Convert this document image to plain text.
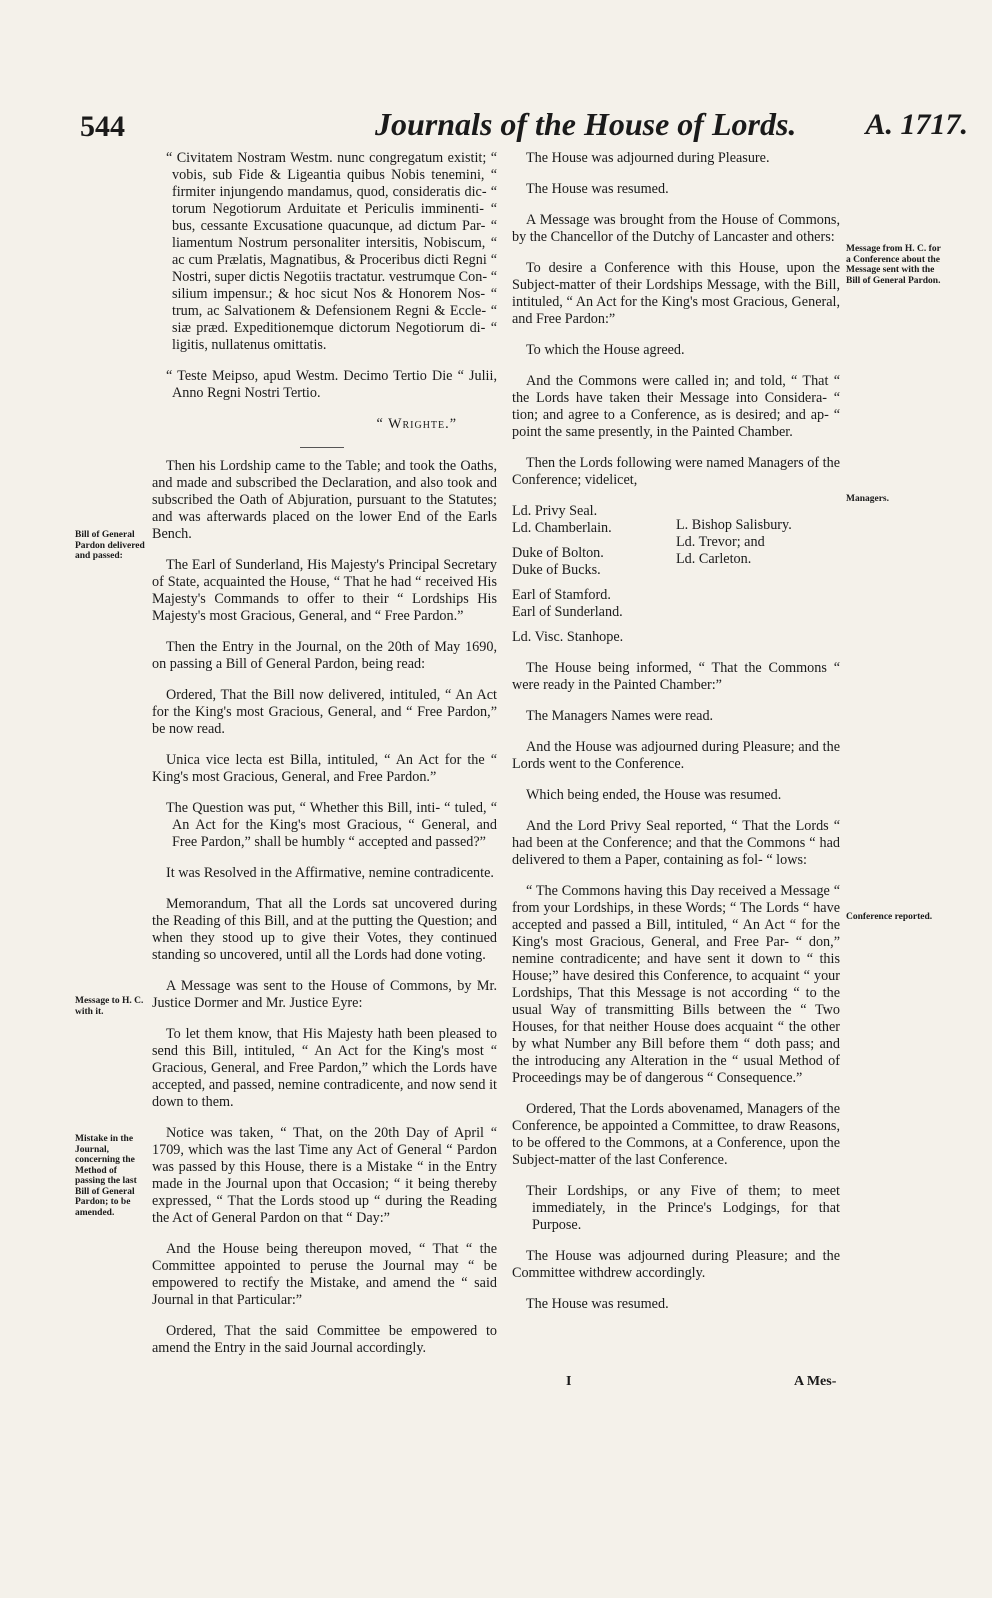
544	Journals of the House of Lords. A. 1717.
Bill of General Pardon delivered and passed:
Message to H. C. with it.
Mistake in the Journal, concerning the Method of passing the last Bill of General Pardon; to be amended.
Message from H. C. for a Conference about the Message sent with the Bill of General Pardon.
Managers.
Conference reported.

“ Civitatem Nostram Westm. nunc congregatum existit; “ vobis, sub Fide & Ligeantia quibus Nobis tenemini, “ firmiter injungendo mandamus, quod, consideratis dic- “ torum Negotiorum Arduitate et Periculis imminenti- “ bus, cessante Excusatione quacunque, ad dictum Par- “ liamentum Nostrum personaliter intersitis, Nobiscum, “ ac cum Prælatis, Magnatibus, & Proceribus dicti Regni “ Nostri, super dictis Negotiis tractatur. vestrumque Con- “ silium impensur.; & hoc sicut Nos & Honorem Nos- “ trum, ac Salvationem & Defensionem Regni & Eccle- “ siæ præd. Expeditionemque dictorum Negotiorum di- “ ligitis, nullatenus omittatis.

“ Teste Meipso, apud Westm. Decimo Tertio Die “ Julii, Anno Regni Nostri Tertio.

“ Wrighte.”

Then his Lordship came to the Table; and took the Oaths, and made and subscribed the Declaration, and also took and subscribed the Oath of Abjuration, pursuant to the Statutes; and was afterwards placed on the lower End of the Earls Bench.

The Earl of Sunderland, His Majesty's Principal Secretary of State, acquainted the House, “ That he had “ received His Majesty's Commands to offer to their “ Lordships His Majesty's most Gracious, General, and “ Free Pardon.”

Then the Entry in the Journal, on the 20th of May 1690, on passing a Bill of General Pardon, being read:

Ordered, That the Bill now delivered, intituled, “ An Act for the King's most Gracious, General, and “ Free Pardon,” be now read.

Unica vice lecta est Billa, intituled, “ An Act for the “ King's most Gracious, General, and Free Pardon.”

The Question was put, “ Whether this Bill, inti- “ tuled, “ An Act for the King's most Gracious, “ General, and Free Pardon,” shall be humbly “ accepted and passed?”

It was Resolved in the Affirmative, nemine contradicente.

Memorandum, That all the Lords sat uncovered during the Reading of this Bill, and at the putting the Question; and when they stood up to give their Votes, they continued standing so uncovered, until all the Lords had done voting.

A Message was sent to the House of Commons, by Mr. Justice Dormer and Mr. Justice Eyre:

To let them know, that His Majesty hath been pleased to send this Bill, intituled, “ An Act for the King's most “ Gracious, General, and Free Pardon,” which the Lords have accepted, and passed, nemine contradicente, and now send it down to them.

Notice was taken, “ That, on the 20th Day of April “ 1709, which was the last Time any Act of General “ Pardon was passed by this House, there is a Mistake “ in the Entry made in the Journal upon that Occasion; “ it being thereby expressed, “ That the Lords stood up “ during the Reading the Act of General Pardon on that “ Day:”

And the House being thereupon moved, “ That “ the Committee appointed to peruse the Journal may “ be empowered to rectify the Mistake, and amend the “ said Journal in that Particular:”

Ordered, That the said Committee be empowered to amend the Entry in the said Journal accordingly.

The House was adjourned during Pleasure.

The House was resumed.

A Message was brought from the House of Commons, by the Chancellor of the Dutchy of Lancaster and others:

To desire a Conference with this House, upon the Subject-matter of their Lordships Message, with the Bill, intituled, “ An Act for the King's most Gracious, General, and Free Pardon:”

To which the House agreed.

And the Commons were called in; and told, “ That “ the Lords have taken their Message into Considera- “ tion; and agree to a Conference, as is desired; and ap- “ point the same presently, in the Painted Chamber.

Then the Lords following were named Managers of the Conference; videlicet,

Ld. Privy Seal.
Ld. Chamberlain.
Duke of Bolton.
Duke of Bucks.
Earl of Stamford.
Earl of Sunderland.
Ld. Visc. Stanhope.
L. Bishop Salisbury.
Ld. Trevor; and
Ld. Carleton.

The House being informed, “ That the Commons “ were ready in the Painted Chamber:”

The Managers Names were read.

And the House was adjourned during Pleasure; and the Lords went to the Conference.

Which being ended, the House was resumed.

And the Lord Privy Seal reported, “ That the Lords “ had been at the Conference; and that the Commons “ had delivered to them a Paper, containing as fol- “ lows:

“ The Commons having this Day received a Message “ from your Lordships, in these Words; “ The Lords “ have accepted and passed a Bill, intituled, “ An Act “ for the King's most Gracious, General, and Free Par- “ don,” nemine contradicente; and have sent it down to “ this House;” have desired this Conference, to acquaint “ your Lordships, That this Message is not according “ to the usual Way of transmitting Bills between the “ Two Houses, for that neither House does acquaint “ the other by what Number any Bill before them “ doth pass; and the introducing any Alteration in the “ usual Method of Proceedings may be of dangerous “ Consequence.”

Ordered, That the Lords abovenamed, Managers of the Conference, be appointed a Committee, to draw Reasons, to be offered to the Commons, at a Conference, upon the Subject-matter of the last Conference.

Their Lordships, or any Five of them; to meet immediately, in the Prince's Lodgings, for that Purpose.

The House was adjourned during Pleasure; and the Committee withdrew accordingly.

The House was resumed.

I	A Mes-
